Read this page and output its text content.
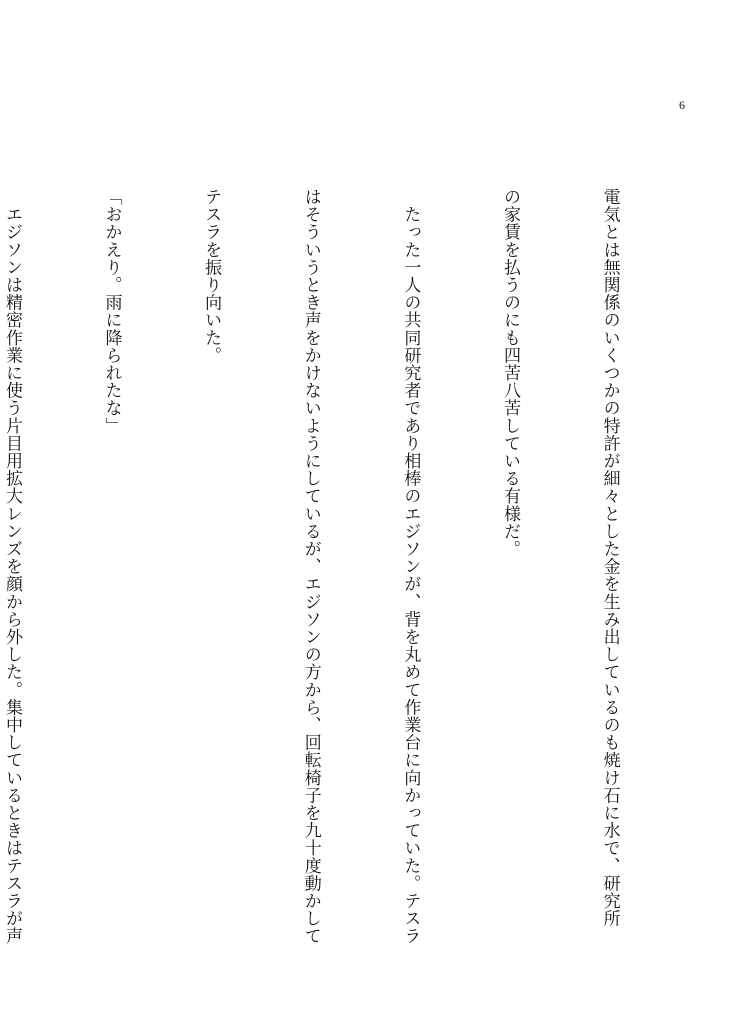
6

電気とは無関係のいくつかの特許が細々とした金を生み出しているのも焼け石に水で、研究所

の家賃を払うのにも四苦八苦している有様だ。

　たった一人の共同研究者であり相棒のエジソンが、背を丸めて作業台に向かっていた。テスラ

はそういうとき声をかけないようにしているが、エジソンの方から、回転椅子を九十度動かして

テスラを振り向いた。

「おかえり。雨に降られたな」

　エジソンは精密作業に使う片目用拡大レンズを顔から外した。集中しているときはテスラが声
